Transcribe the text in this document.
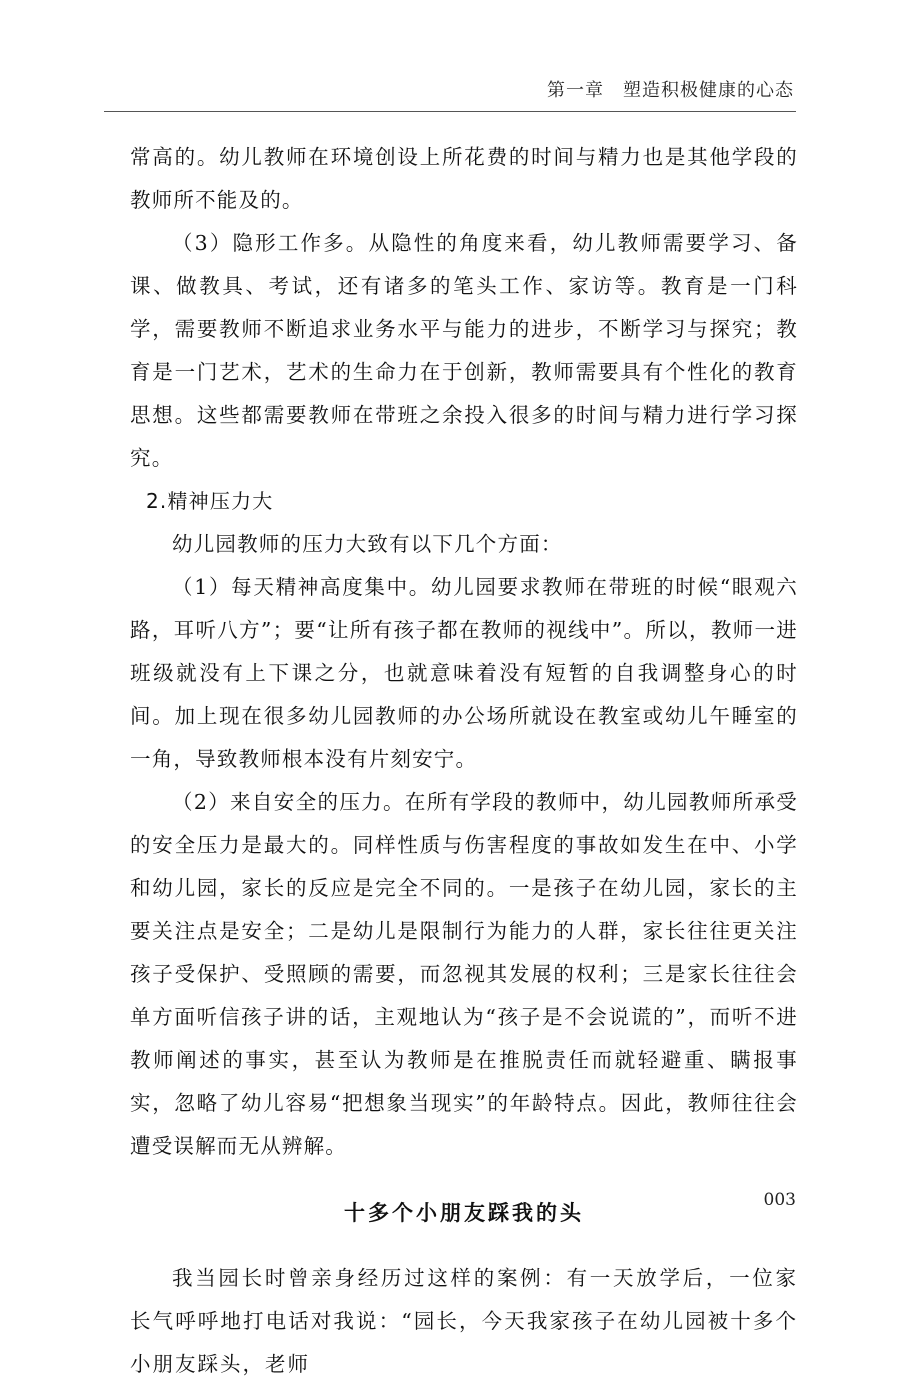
第一章　塑造积极健康的心态

常高的。幼儿教师在环境创设上所花费的时间与精力也是其他学段的教师所不能及的。

（3）隐形工作多。从隐性的角度来看，幼儿教师需要学习、备课、做教具、考试，还有诸多的笔头工作、家访等。教育是一门科学，需要教师不断追求业务水平与能力的进步，不断学习与探究；教育是一门艺术，艺术的生命力在于创新，教师需要具有个性化的教育思想。这些都需要教师在带班之余投入很多的时间与精力进行学习探究。

2.精神压力大

幼儿园教师的压力大致有以下几个方面：

（1）每天精神高度集中。幼儿园要求教师在带班的时候“眼观六路，耳听八方”；要“让所有孩子都在教师的视线中”。所以，教师一进班级就没有上下课之分，也就意味着没有短暂的自我调整身心的时间。加上现在很多幼儿园教师的办公场所就设在教室或幼儿午睡室的一角，导致教师根本没有片刻安宁。

（2）来自安全的压力。在所有学段的教师中，幼儿园教师所承受的安全压力是最大的。同样性质与伤害程度的事故如发生在中、小学和幼儿园，家长的反应是完全不同的。一是孩子在幼儿园，家长的主要关注点是安全；二是幼儿是限制行为能力的人群，家长往往更关注孩子受保护、受照顾的需要，而忽视其发展的权利；三是家长往往会单方面听信孩子讲的话，主观地认为“孩子是不会说谎的”，而听不进教师阐述的事实，甚至认为教师是在推脱责任而就轻避重、瞒报事实，忽略了幼儿容易“把想象当现实”的年龄特点。因此，教师往往会遭受误解而无从辨解。

十多个小朋友踩我的头

我当园长时曾亲身经历过这样的案例：有一天放学后，一位家长气呼呼地打电话对我说：“园长，今天我家孩子在幼儿园被十多个小朋友踩头，老师

003
